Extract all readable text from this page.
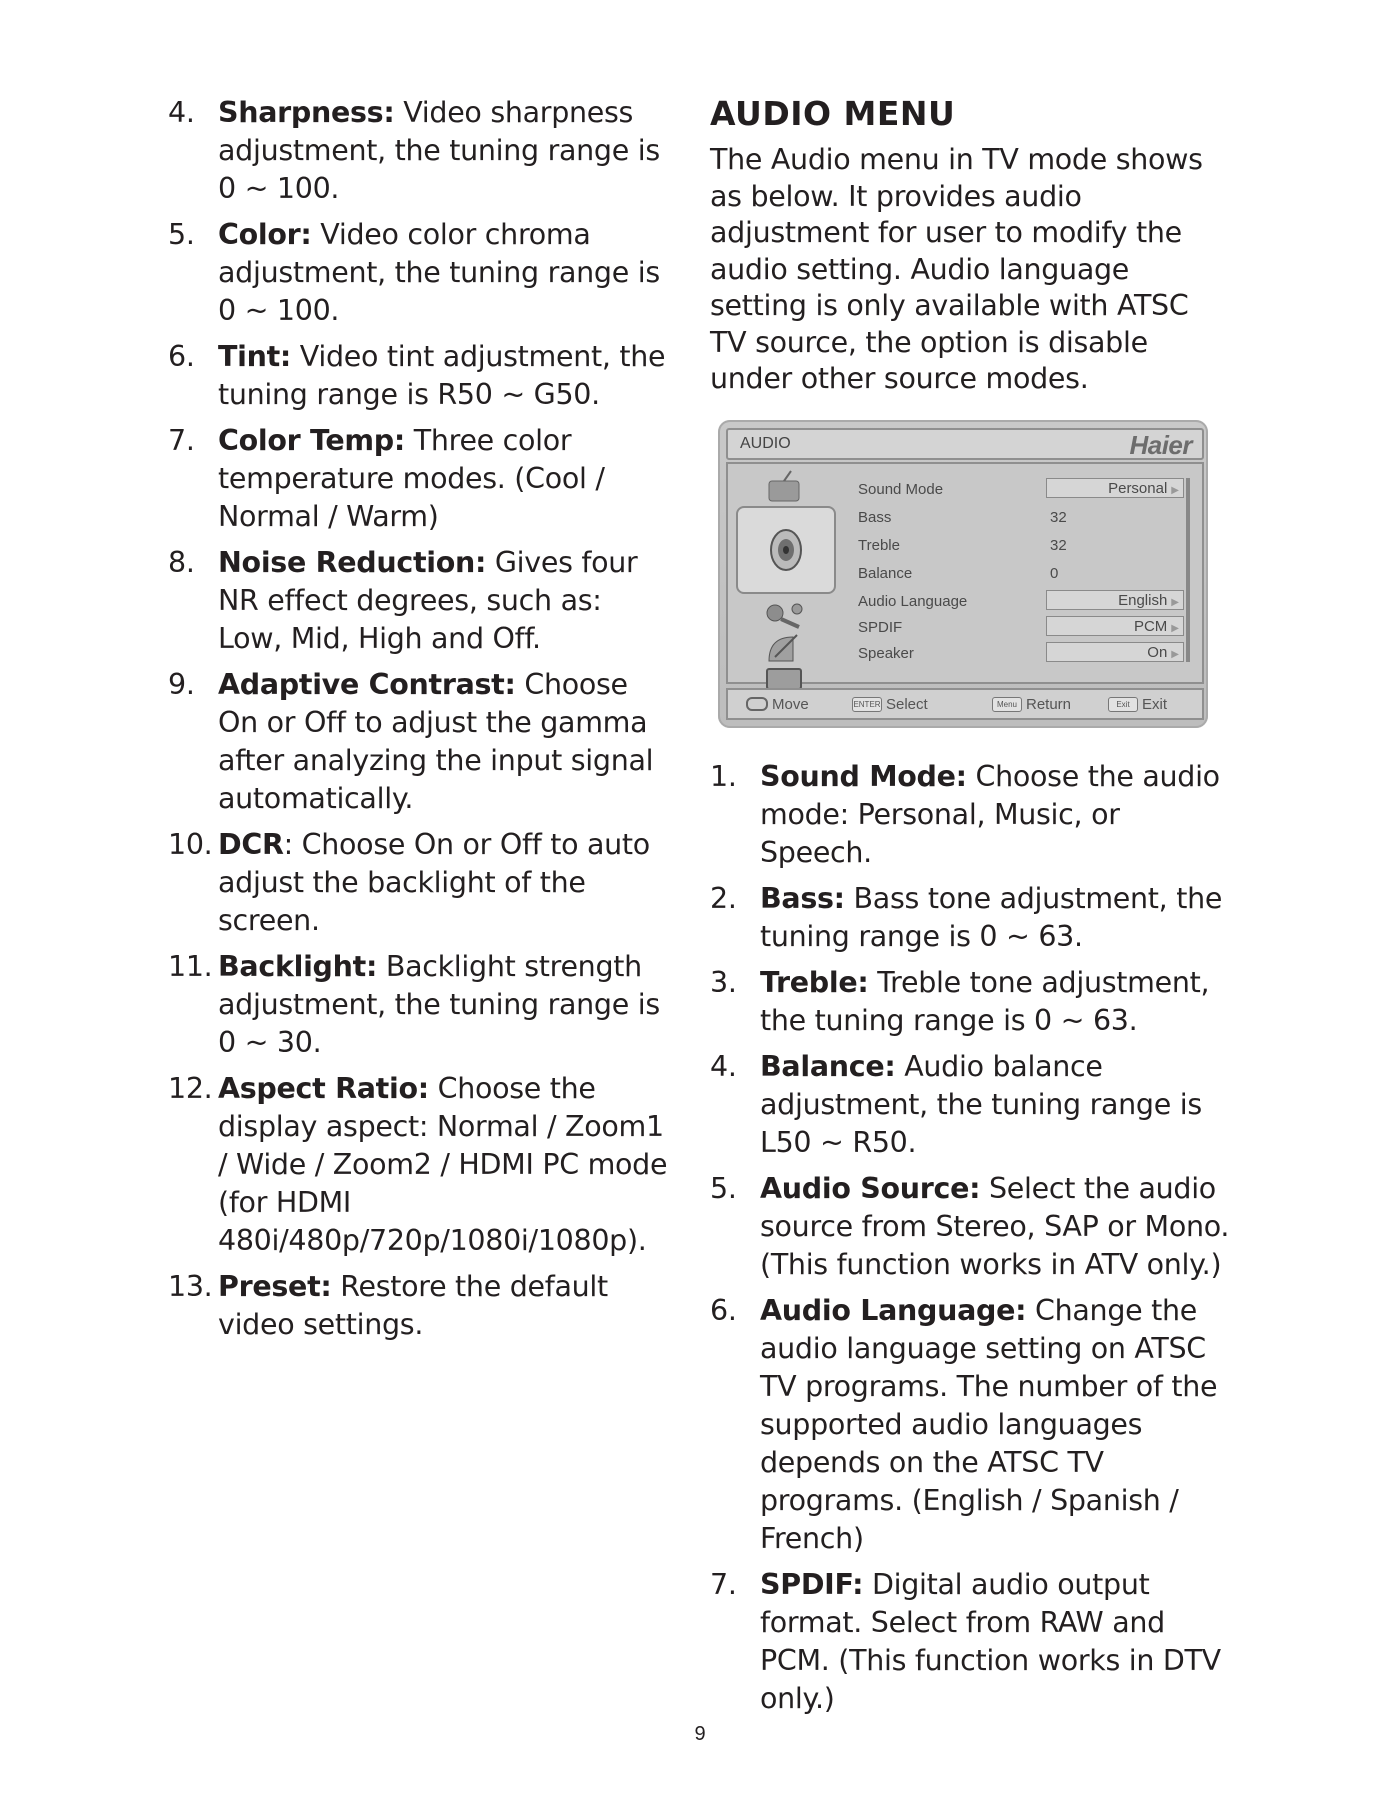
4. Sharpness: Video sharpness adjustment, the tuning range is 0 ~ 100.
5. Color: Video color chroma adjustment, the tuning range is 0 ~ 100.
6. Tint: Video tint adjustment, the tuning range is R50 ~ G50.
7. Color Temp: Three color temperature modes. (Cool / Normal / Warm)
8. Noise Reduction: Gives four NR effect degrees, such as: Low, Mid, High and Off.
9. Adaptive Contrast: Choose On or Off to adjust the gamma after analyzing the input signal automatically.
10. DCR: Choose On or Off to auto adjust the backlight of the screen.
11. Backlight: Backlight strength adjustment, the tuning range is 0 ~ 30.
12. Aspect Ratio: Choose the display aspect: Normal / Zoom1 / Wide / Zoom2 / HDMI PC mode (for HDMI 480i/480p/720p/1080i/1080p).
13. Preset: Restore the default video settings.
AUDIO MENU
The Audio menu in TV mode shows as below. It provides audio adjustment for user to modify the audio setting. Audio language setting is only available with ATSC TV source, the option is disable under other source modes.
AUDIO	Haier
Sound Mode	Personal ▶
Bass	32
Treble	32
Balance	0
Audio Language	English ▶
SPDIF	PCM ▶
Speaker	On ▶
Move	ENTER Select	Menu Return	Exit Exit
1. Sound Mode: Choose the audio mode: Personal, Music, or Speech.
2. Bass: Bass tone adjustment, the tuning range is 0 ~ 63.
3. Treble: Treble tone adjustment, the tuning range is 0 ~ 63.
4. Balance: Audio balance adjustment, the tuning range is L50 ~ R50.
5. Audio Source: Select the audio source from Stereo, SAP or Mono. (This function works in ATV only.)
6. Audio Language: Change the audio language setting on ATSC TV programs. The number of the supported audio languages depends on the ATSC TV programs. (English / Spanish / French)
7. SPDIF: Digital audio output format. Select from RAW and PCM. (This function works in DTV only.)
9
